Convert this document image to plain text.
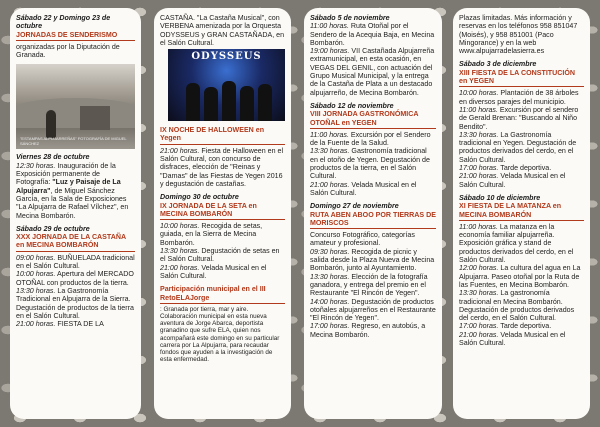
Sábado 22 y Domingo 23 de octubre
JORNADAS DE SENDERISMO
organizadas por la Diputación de Granada.
"ESTAMPAS ALPUJARREÑAS" FOTOGRAFÍA DE MIGUEL SÁNCHEZ
Viernes 28 de octubre
12:30 horas. Inauguración de la Exposición permanente de Fotografía: "Luz y Paisaje de La Alpujarra", de Miguel Sánchez García, en la Sala de Exposiciones "La Alpujarra de Rafael Vílchez", en Mecina Bombarón.
Sábado 29 de octubre
XXX JORNADA DE LA CASTAÑA en MECINA BOMBARÓN
09:00 horas. BUÑUELADA tradicional en el Salón Cultural.
10:00 horas. Apertura del MERCADO OTOÑAL con productos de la tierra.
13:30 horas. La Gastronomía Tradicional en Alpujarra de la Sierra. Degustación de productos de la tierra en el Salón Cultural.
21:00 horas. FIESTA DE LA
CASTAÑA. "La Castaña Musical", con VERBENA amenizada por la Orquesta ODYSSEUS y GRAN CASTAÑADA, en el Salón Cultural.
ODYSSEUS
IX NOCHE DE HALLOWEEN en Yegen
21:00 horas. Fiesta de Halloween en el Salón Cultural, con concurso de disfraces, elección de "Reinas y "Damas" de las Fiestas de Yegen 2016 y degustación de castañas.
Domingo 30 de octubre
IX JORNADA DE LA SETA en MECINA BOMBARÓN
10:00 horas. Recogida de setas, guiada, en la Sierra de Mecina Bombarón.
13:30 horas. Degustación de setas en el Salón Cultural.
21:00 horas. Velada Musical en el Salón Cultural.
Participación municipal en el III RetoELAJorge
: Granada por tierra, mar y aire. Colaboración municipal en esta nueva aventura de Jorge Abarca, deportista granadino que sufre ELA, quien nos acompañará este domingo en su particular carrera por La Alpujarra, para recaudar fondos que ayuden a la investigación de esta enfermedad.
Sábado 5 de noviembre
11:00 horas. Ruta Otoñal por el Sendero de la Acequia Baja, en Mecina Bombarón.
19:00 horas. VII Castañada Alpujarreña extramunicipal, en esta ocasión, en VEGAS DEL GENIL, con actuación del Grupo Musical Municipal, y la entrega de la Castaña de Plata a un destacado alpujarreño, de Mecina Bombarón.
Sábado 12 de noviembre
VIII JORNADA GASTRONÓMICA OTOÑAL en YEGEN
11:00 horas. Excursión por el Sendero de la Fuente de la Salud.
13:30 horas. Gastronomía tradicional en el otoño de Yegen. Degustación de productos de la tierra, en el Salón Cultural.
21:00 horas. Velada Musical en el Salón Cultural.
Domingo 27 de noviembre
RUTA ABEN ABOO POR TIERRAS DE MORISCOS
Concurso Fotográfico, categorías amateur y profesional.
09:30 horas. Recogida de picnic y salida desde la Plaza Nueva de Mecina Bombarón, junto al Ayuntamiento.
13:30 horas. Elección de la fotografía ganadora, y entrega del premio en el Restaurante "El Rincón de Yegen".
14:00 horas. Degustación de productos otoñales alpujarreños en el Restaurante "El Rincón de Yegen".
17:00 horas. Regreso, en autobús, a Mecina Bombarón.
Plazas limitadas. Más información y reservas en los teléfonos 958 851047 (Moisés), y 958 851001 (Paco Mingorance) y en la web www.alpujarradelasierra.es
Sábado 3 de diciembre
XIII FIESTA DE LA CONSTITUCIÓN en YEGEN
10:00 horas. Plantación de 38 árboles en diversos parajes del municipio.
11:00 horas. Excursión por el sendero de Gerald Brenan: "Buscando al Niño Bendito".
13:30 horas. La Gastronomía tradicional en Yegen. Degustación de productos derivados del cerdo, en el Salón Cultural.
17:00 horas. Tarde deportiva.
21:00 horas. Velada Musical en el Salón Cultural.
Sábado 10 de diciembre
XI FIESTA DE LA MATANZA en MECINA BOMBARÓN
11:00 horas. La matanza en la economía familiar alpujarreña. Exposición gráfica y stand de productos derivados del cerdo, en el Salón Cultural.
12:00 horas. La cultura del agua en La Alpujarra. Paseo otoñal por la Ruta de las Fuentes, en Mecina Bombarón.
13:30 horas. La gastronomía tradicional en Mecina Bombarón. Degustación de productos derivados del cerdo, en el Salón Cultural.
17:00 horas. Tarde deportiva.
21:00 horas. Velada Musical en el Salón Cultural.
